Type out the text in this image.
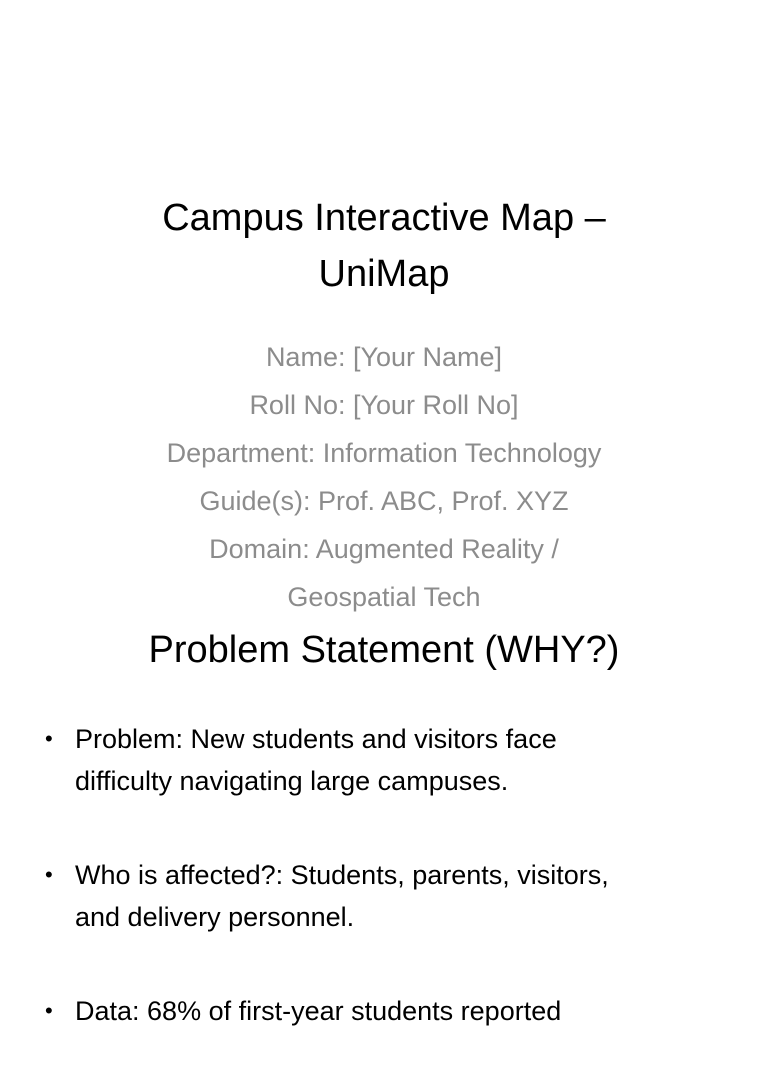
Campus Interactive Map –
UniMap
Name: [Your Name]
Roll No: [Your Roll No]
Department: Information Technology
Guide(s): Prof. ABC, Prof. XYZ
Domain: Augmented Reality /
Geospatial Tech
Problem Statement (WHY?)
• Problem: New students and visitors face
difficulty navigating large campuses.
• Who is affected?: Students, parents, visitors,
and delivery personnel.
• Data: 68% of first-year students reported
